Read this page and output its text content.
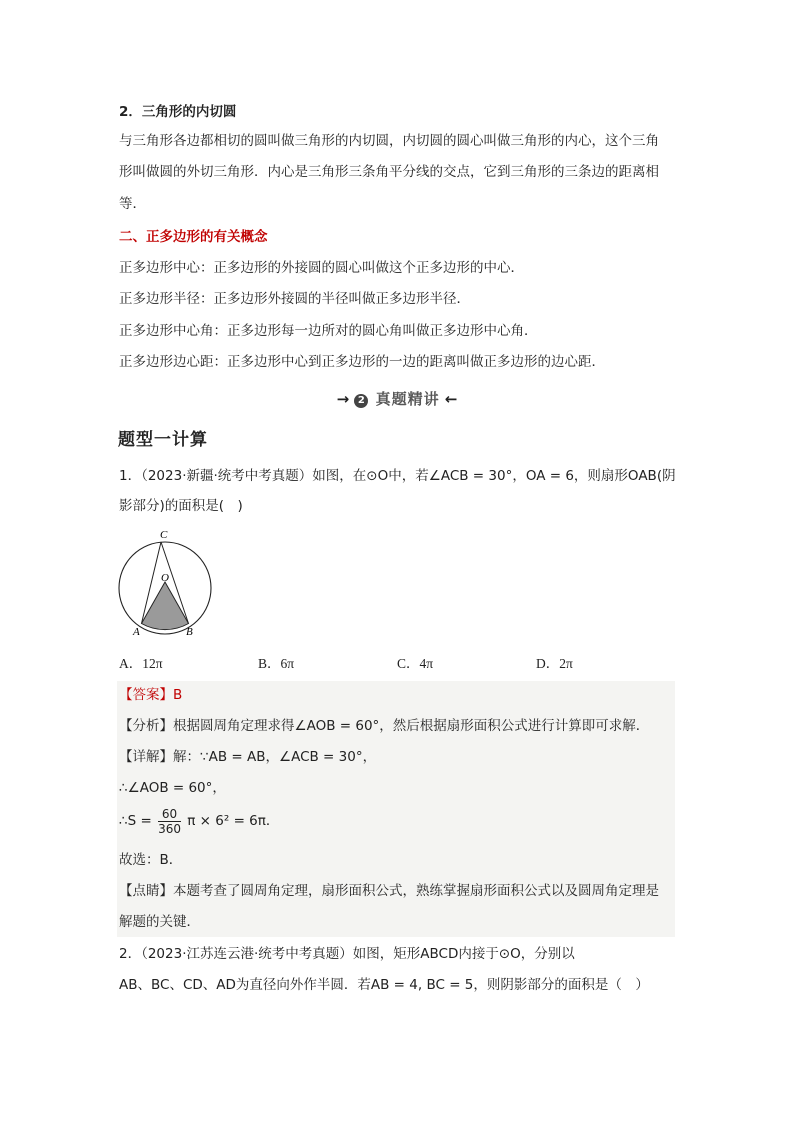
2．三角形的内切圆
与三角形各边都相切的圆叫做三角形的内切圆，内切圆的圆心叫做三角形的内心，这个三角
形叫做圆的外切三角形．内心是三角形三条角平分线的交点，它到三角形的三条边的距离相
等．
二、正多边形的有关概念
正多边形中心：正多边形的外接圆的圆心叫做这个正多边形的中心．
正多边形半径：正多边形外接圆的半径叫做正多边形半径．
正多边形中心角：正多边形每一边所对的圆心角叫做正多边形中心角．
正多边形边心距：正多边形中心到正多边形的一边的距离叫做正多边形的边心距．
→ 2 真题精讲 ←
题型一计算
1．（2023·新疆·统考中考真题）如图，在⊙O中，若∠ACB = 30°，OA = 6，则扇形OAB(阴
影部分)的面积是(　)
C
O
A	B
A．12π	B．6π	C．4π	D．2π
【答案】B
【分析】根据圆周角定理求得∠AOB = 60°，然后根据扇形面积公式进行计算即可求解．
【详解】解：∵AB = AB，∠ACB = 30°，
∴∠AOB = 60°，
∴S = $\frac{60}{360}$ π × 6² = 6π．
故选：B．
【点睛】本题考查了圆周角定理，扇形面积公式，熟练掌握扇形面积公式以及圆周角定理是
解题的关键．
2．（2023·江苏连云港·统考中考真题）如图，矩形ABCD内接于⊙O，分别以
AB、BC、CD、AD为直径向外作半圆．若AB = 4, BC = 5，则阴影部分的面积是（　）
